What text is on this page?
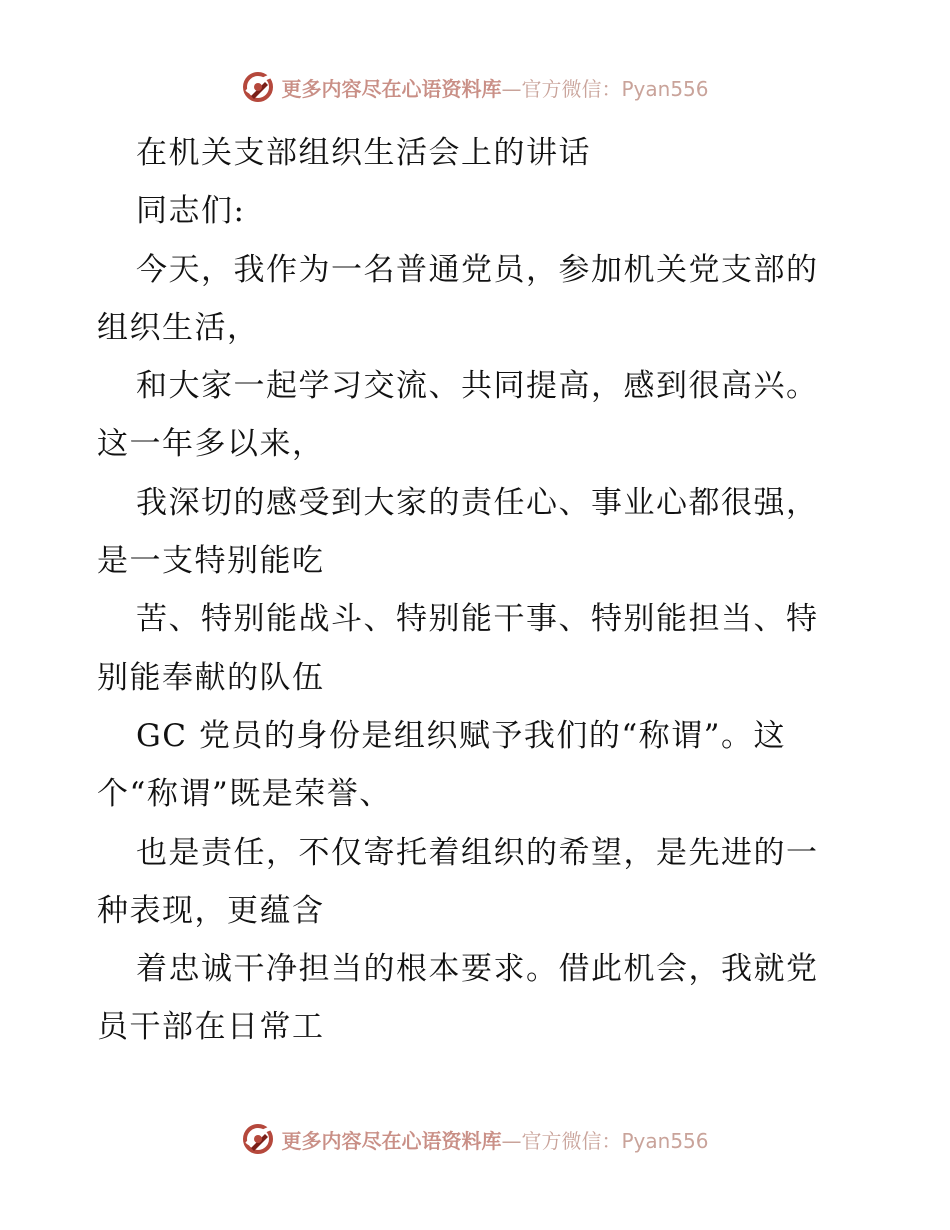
更多内容尽在心语资料库—官方微信：Pyan556
在机关支部组织生活会上的讲话
同志们:
今天，我作为一名普通党员，参加机关党支部的
组织生活，
和大家一起学习交流、共同提高，感到很高兴。
这一年多以来，
我深切的感受到大家的责任心、事业心都很强，
是一支特别能吃
苦、特别能战斗、特别能干事、特别能担当、特
别能奉献的队伍
GC 党员的身份是组织赋予我们的“称谓”。这
个“称谓”既是荣誉、
也是责任，不仅寄托着组织的希望，是先进的一
种表现，更蕴含
着忠诚干净担当的根本要求。借此机会，我就党
员干部在日常工
更多内容尽在心语资料库—官方微信：Pyan556
